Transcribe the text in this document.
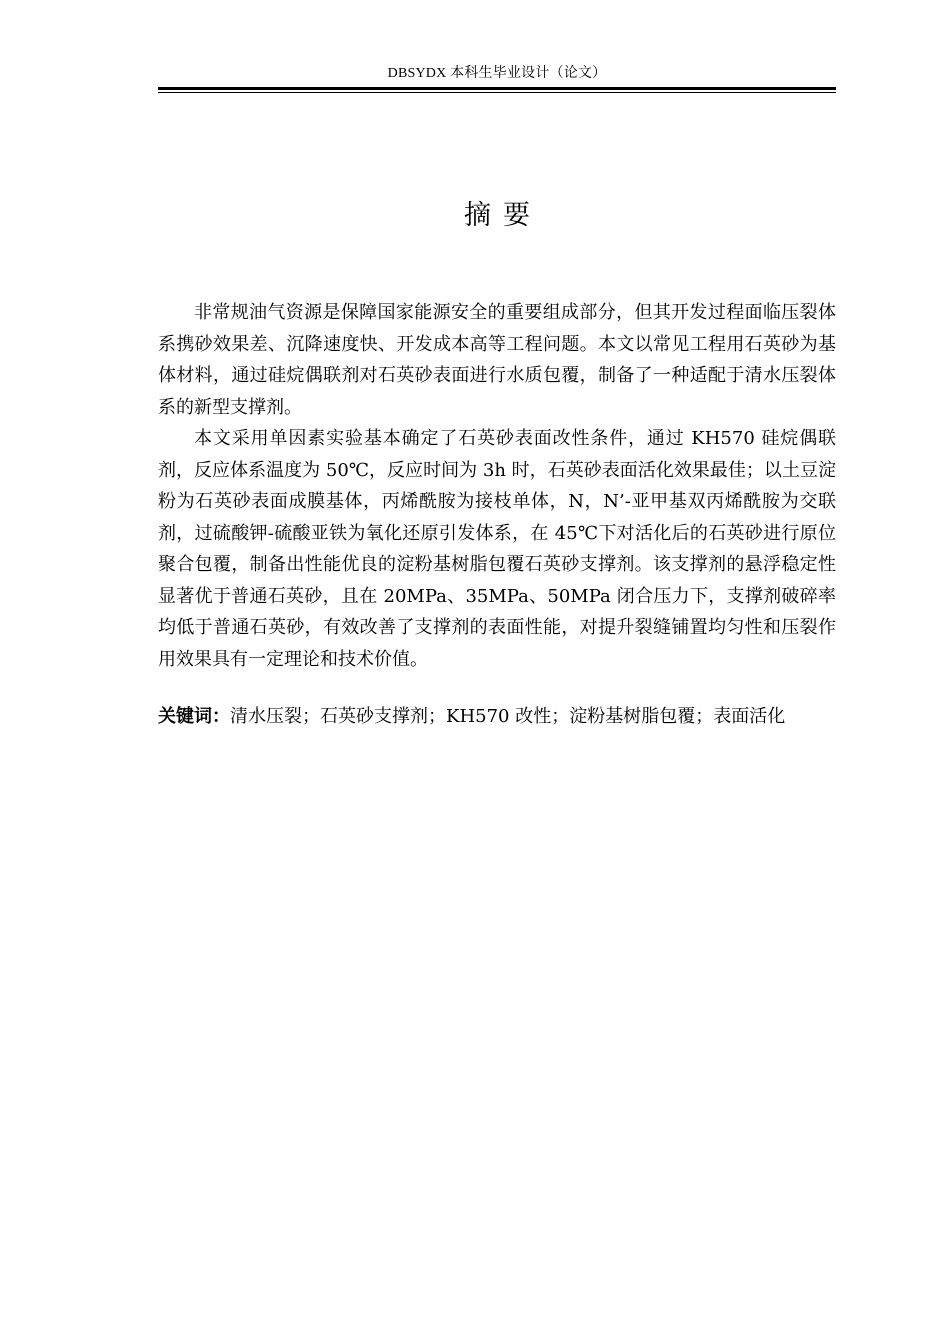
DBSYDX 本科生毕业设计（论文）
摘要

非常规油气资源是保障国家能源安全的重要组成部分，但其开发过程面临压裂体系携砂效果差、沉降速度快、开发成本高等工程问题。本文以常见工程用石英砂为基体材料，通过硅烷偶联剂对石英砂表面进行水质包覆，制备了一种适配于清水压裂体系的新型支撑剂。

本文采用单因素实验基本确定了石英砂表面改性条件，通过 KH570 硅烷偶联剂，反应体系温度为 50℃，反应时间为 3h 时，石英砂表面活化效果最佳；以土豆淀粉为石英砂表面成膜基体，丙烯酰胺为接枝单体，N，N’-亚甲基双丙烯酰胺为交联剂，过硫酸钾-硫酸亚铁为氧化还原引发体系，在 45℃下对活化后的石英砂进行原位聚合包覆，制备出性能优良的淀粉基树脂包覆石英砂支撑剂。该支撑剂的悬浮稳定性显著优于普通石英砂，且在 20MPa、35MPa、50MPa 闭合压力下，支撑剂破碎率均低于普通石英砂，有效改善了支撑剂的表面性能，对提升裂缝铺置均匀性和压裂作用效果具有一定理论和技术价值。

关键词：清水压裂；石英砂支撑剂；KH570 改性；淀粉基树脂包覆；表面活化
